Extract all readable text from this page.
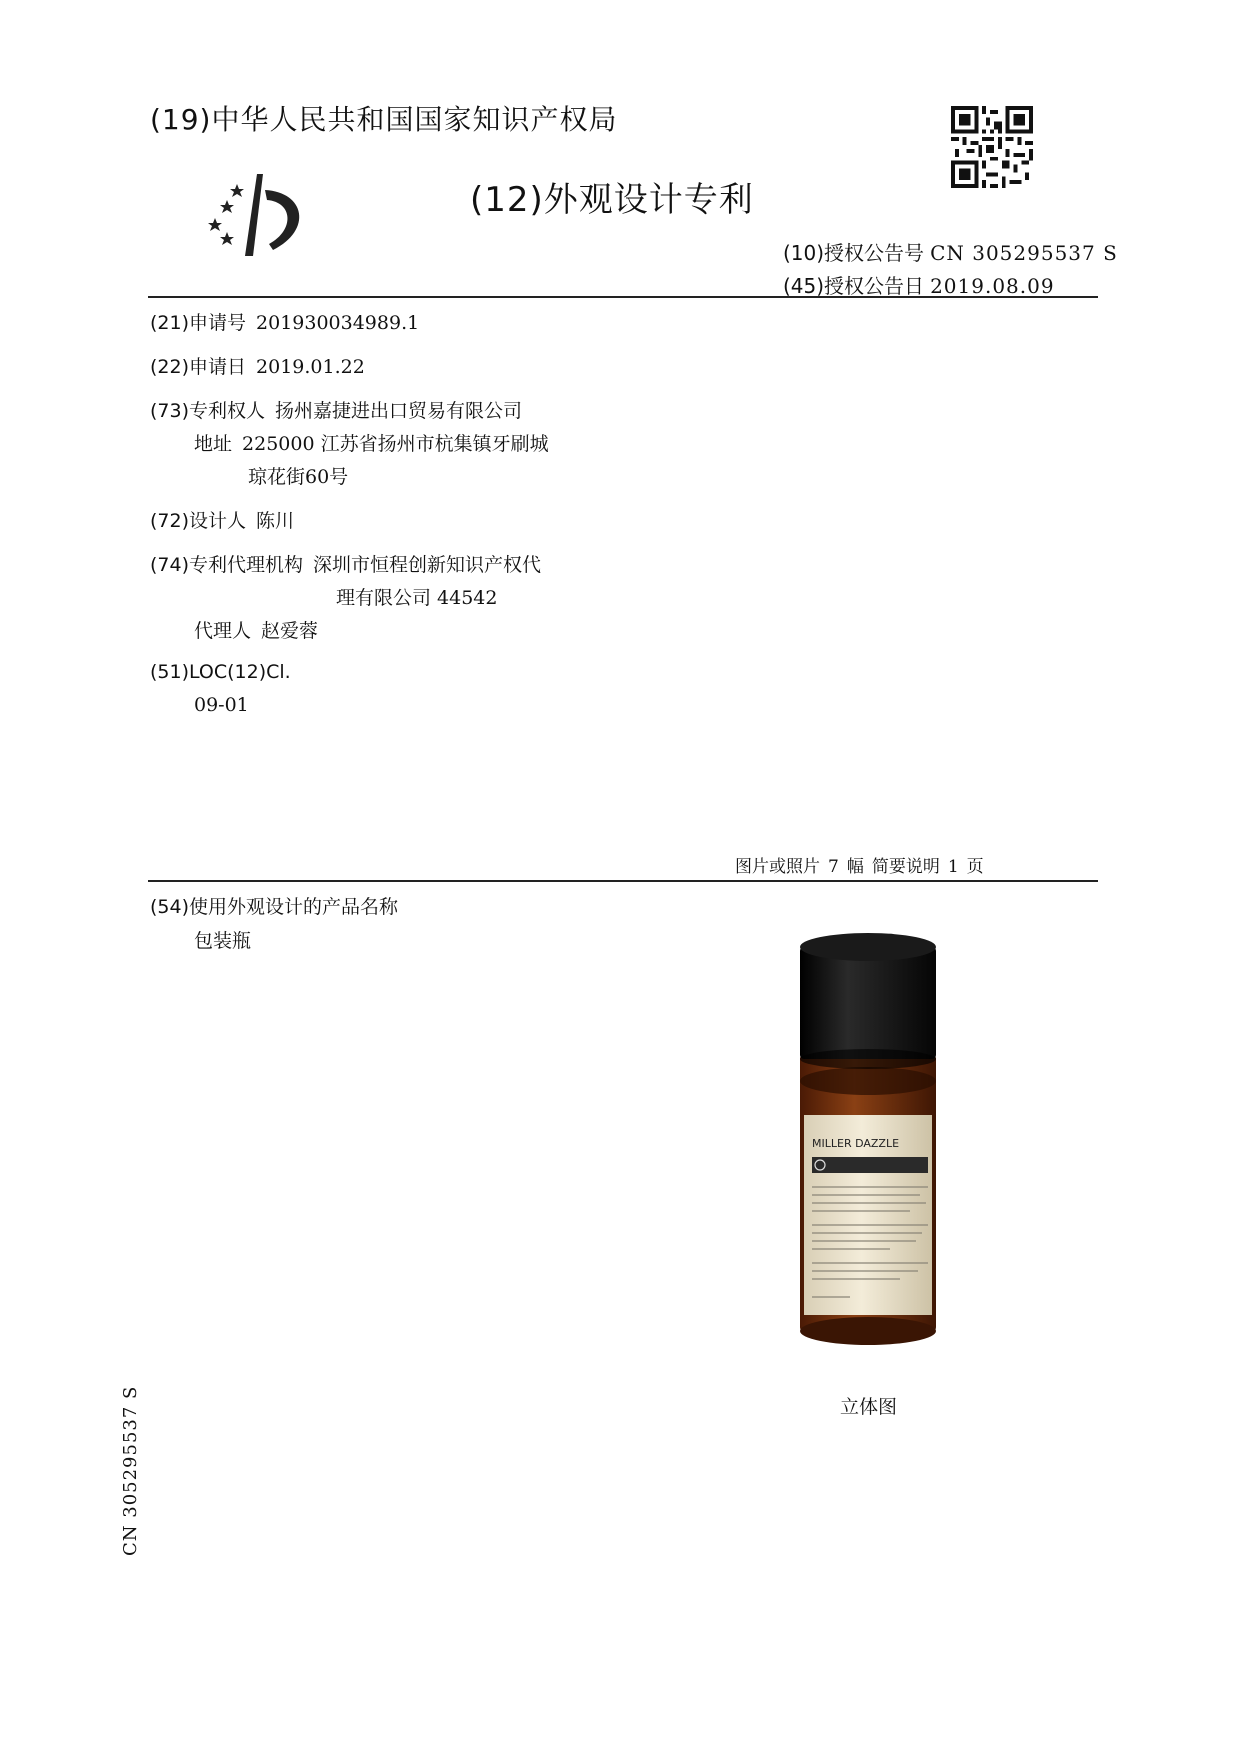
(19)中华人民共和国国家知识产权局
(12)外观设计专利
(10)授权公告号 CN 305295537 S
(45)授权公告日 2019.08.09
(21)申请号 201930034989.1
(22)申请日 2019.01.22
(73)专利权人 扬州嘉捷进出口贸易有限公司
地址 225000 江苏省扬州市杭集镇牙刷城
琼花街60号
(72)设计人 陈川
(74)专利代理机构 深圳市恒程创新知识产权代
理有限公司 44542
代理人 赵爱蓉
(51)LOC(12)Cl.
09-01
图片或照片 7 幅 简要说明 1 页
(54)使用外观设计的产品名称
包装瓶
MILLER DAZZLE
立体图
CN 305295537 S
